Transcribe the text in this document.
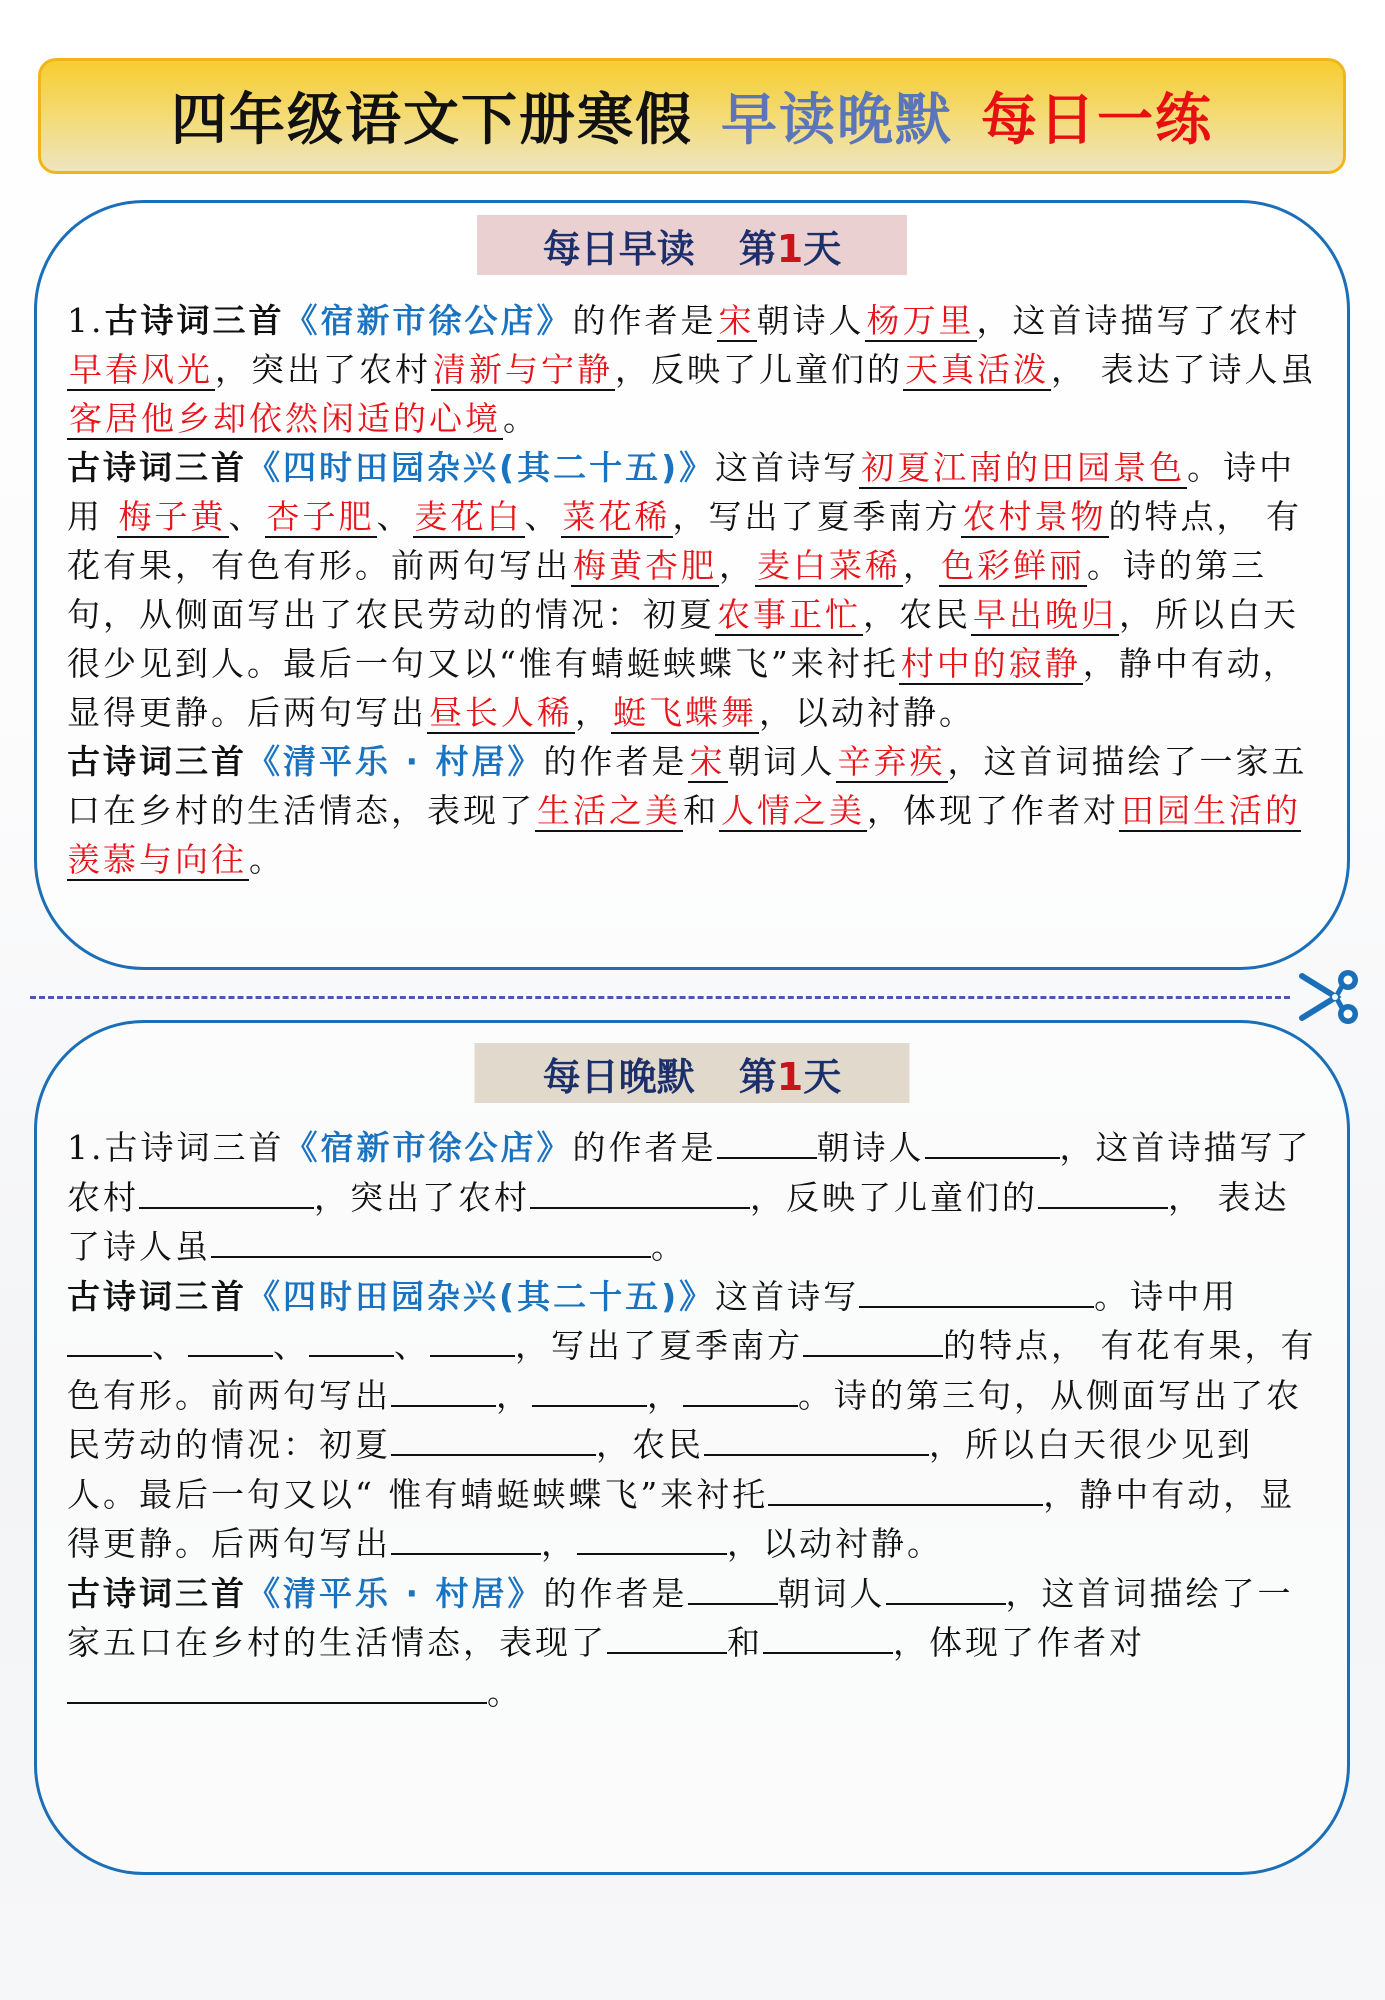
四年级语文下册寒假 早读晚默 每日一练
每日早读 第1天

1.古诗词三首《宿新市徐公店》的作者是宋朝诗人杨万里，这首诗描写了农村早春风光，突出了农村清新与宁静，反映了儿童们的天真活泼， 表达了诗人虽客居他乡却依然闲适的心境。

古诗词三首《四时田园杂兴(其二十五)》这首诗写初夏江南的田园景色。诗中用 梅子黄、杏子肥、麦花白、菜花稀，写出了夏季南方农村景物的特点， 有花有果，有色有形。前两句写出梅黄杏肥，麦白菜稀，色彩鲜丽。诗的第三句，从侧面写出了农民劳动的情况：初夏农事正忙，农民早出晚归，所以白天很少见到人。最后一句又以“惟有蜻蜓蛱蝶飞”来衬托村中的寂静，静中有动，显得更静。后两句写出昼长人稀，蜓飞蝶舞，以动衬静。

古诗词三首《清平乐 · 村居》的作者是宋朝词人辛弃疾，这首词描绘了一家五口在乡村的生活情态，表现了生活之美和人情之美，体现了作者对田园生活的羡慕与向往。

每日晚默 第1天

1.古诗词三首《宿新市徐公店》的作者是	朝诗人	，这首诗描写了农村	，突出了农村	，反映了儿童们的	， 表达了诗人虽	。

古诗词三首《四时田园杂兴(其二十五)》这首诗写	。诗中用、	、	、	，写出了夏季南方	的特点， 有花有果，有色有形。前两句写出	，	，	。诗的第三句，从侧面写出了农民劳动的情况：初夏	，农民	，所以白天很少见到人。最后一句又以“ 惟有蜻蜓蛱蝶飞”来衬托	，静中有动，显得更静。后两句写出	，	，以动衬静。

古诗词三首《清平乐 · 村居》的作者是	朝词人	，这首词描绘了一家五口在乡村的生活情态，表现了	和	，体现了作者对。
